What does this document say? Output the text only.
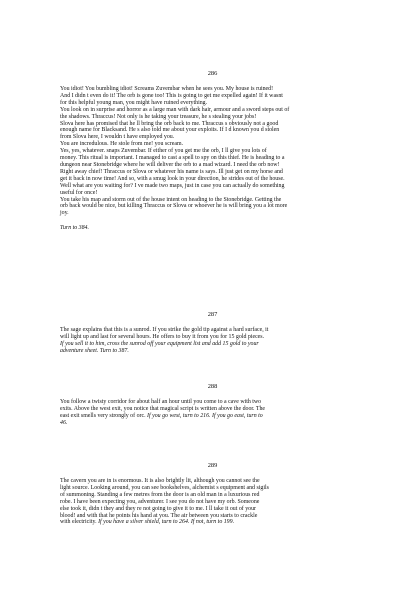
286

You idiot! You bumbling idiot! Screams Zuvembar when he sees you. My house is ruined!

And I didn t even do it! The orb is gone too! This is going to get me expelled again! If it wasnt

for this helpful young man, you might have ruined everything.

You look on in surprise and horror as a large man with dark hair, armour and a sword steps out of

the shadows. Thraccus! Not only is he taking your treasure, he s stealing your jobs!

Slova here has promised that he ll bring the orb back to me. Thraccus s obviously not a good

enough name for Blacksand. He s also told me about your exploits. If I d known you d stolen

from Slova here, I wouldn t have employed you.

You are incredulous. He stole from me! you scream.

Yes, yes, whatever. snaps Zuvembar. If either of you get me the orb, I ll give you lots of

money. This ritual is important. I managed to cast a spell to spy on this thief. He is heading to a

dungeon near Stonebridge where he will deliver the orb to a mad wizard. I need the orb now!

Right away chief! Thraccus or Slova or whatever his name is says. Ill just get on my horse and

get it back in now time! And so, with a smug look in your direction, he strides out of the house.

Well what are you waiting for? I ve made two maps, just in case you can actually do something

useful for once!

You take his map and storm out of the house intent on heading to the Stonebridge. Getting the

orb back would be nice, but killing Thraccus or Slova or whoever he is will bring you a lot more

joy.

Turn to 384.

287

The sage explains that this is a sunrod. If you strike the gold tip against a hard surface, it

will light up and last for several hours. He offers to buy it from you for 15 gold pieces.

If you sell it to him, cross the sunrod off your equipment list and add 15 gold to your

adventure sheet. Turn to 387.

288

You follow a twisty corridor for about half an hour until you come to a cave with two

exits. Above the west exit, you notice that magical script is written above the door. The

east exit smells very strongly of orc. If you go west, turn to 216. If you go east, turn to

46.

289

The cavern you are in is enormous. It is also brightly lit, although you cannot see the

light source. Looking around, you can see bookshelves, alchemist s equipment and sigils

of summoning. Standing a few metres from the door is an old man in a luxurious red

robe. I have been expecting you, adventurer. I see you do not have my orb. Someone

else took it, didn t they and they re not going to give it to me. I ll take it out of your

blood! and with that he points his hand at you. The air between you starts to crackle

with electricity. If you have a silver shield, turn to 264. If not, turn to 199.
